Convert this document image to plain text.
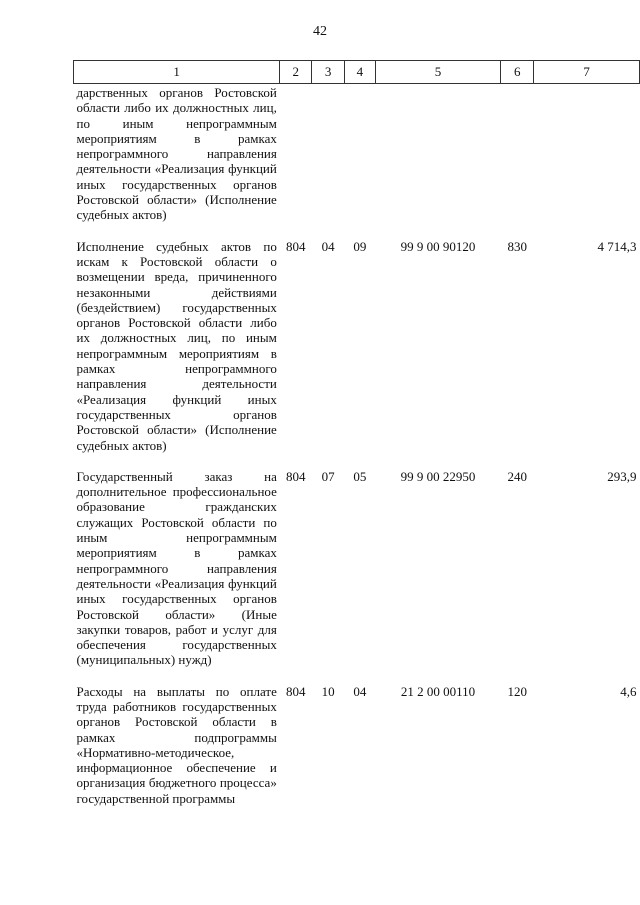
42
1	2	3	4	5	6	7
дарственных органов Ростовской области либо их должностных лиц, по иным непрограммным мероприятиям в рамках непрограммного направления деятельности «Реализация функций иных государственных органов Ростовской области» (Исполнение судебных актов)						
Исполнение судебных актов по искам к Ростовской области о возмещении вреда, причиненного незаконными действиями (бездействием) государственных органов Ростовской области либо их должностных лиц, по иным непрограммным мероприятиям в рамках непрограммного направления деятельности «Реализация функций иных государственных органов Ростовской области» (Исполнение судебных актов)	804	04	09	99 9 00 90120	830	4 714,3
Государственный заказ на дополнительное профессиональное образование гражданских служащих Ростовской области по иным непрограммным мероприятиям в рамках непрограммного направления деятельности «Реализация функций иных государственных органов Ростовской области» (Иные закупки товаров, работ и услуг для обеспечения государственных (муниципальных) нужд)	804	07	05	99 9 00 22950	240	293,9
Расходы на выплаты по оплате труда работников государственных органов Ростовской области в рамках подпрограммы «Нормативно-методическое, информационное обеспечение и организация бюджетного процесса» государственной программы	804	10	04	21 2 00 00110	120	4,6
